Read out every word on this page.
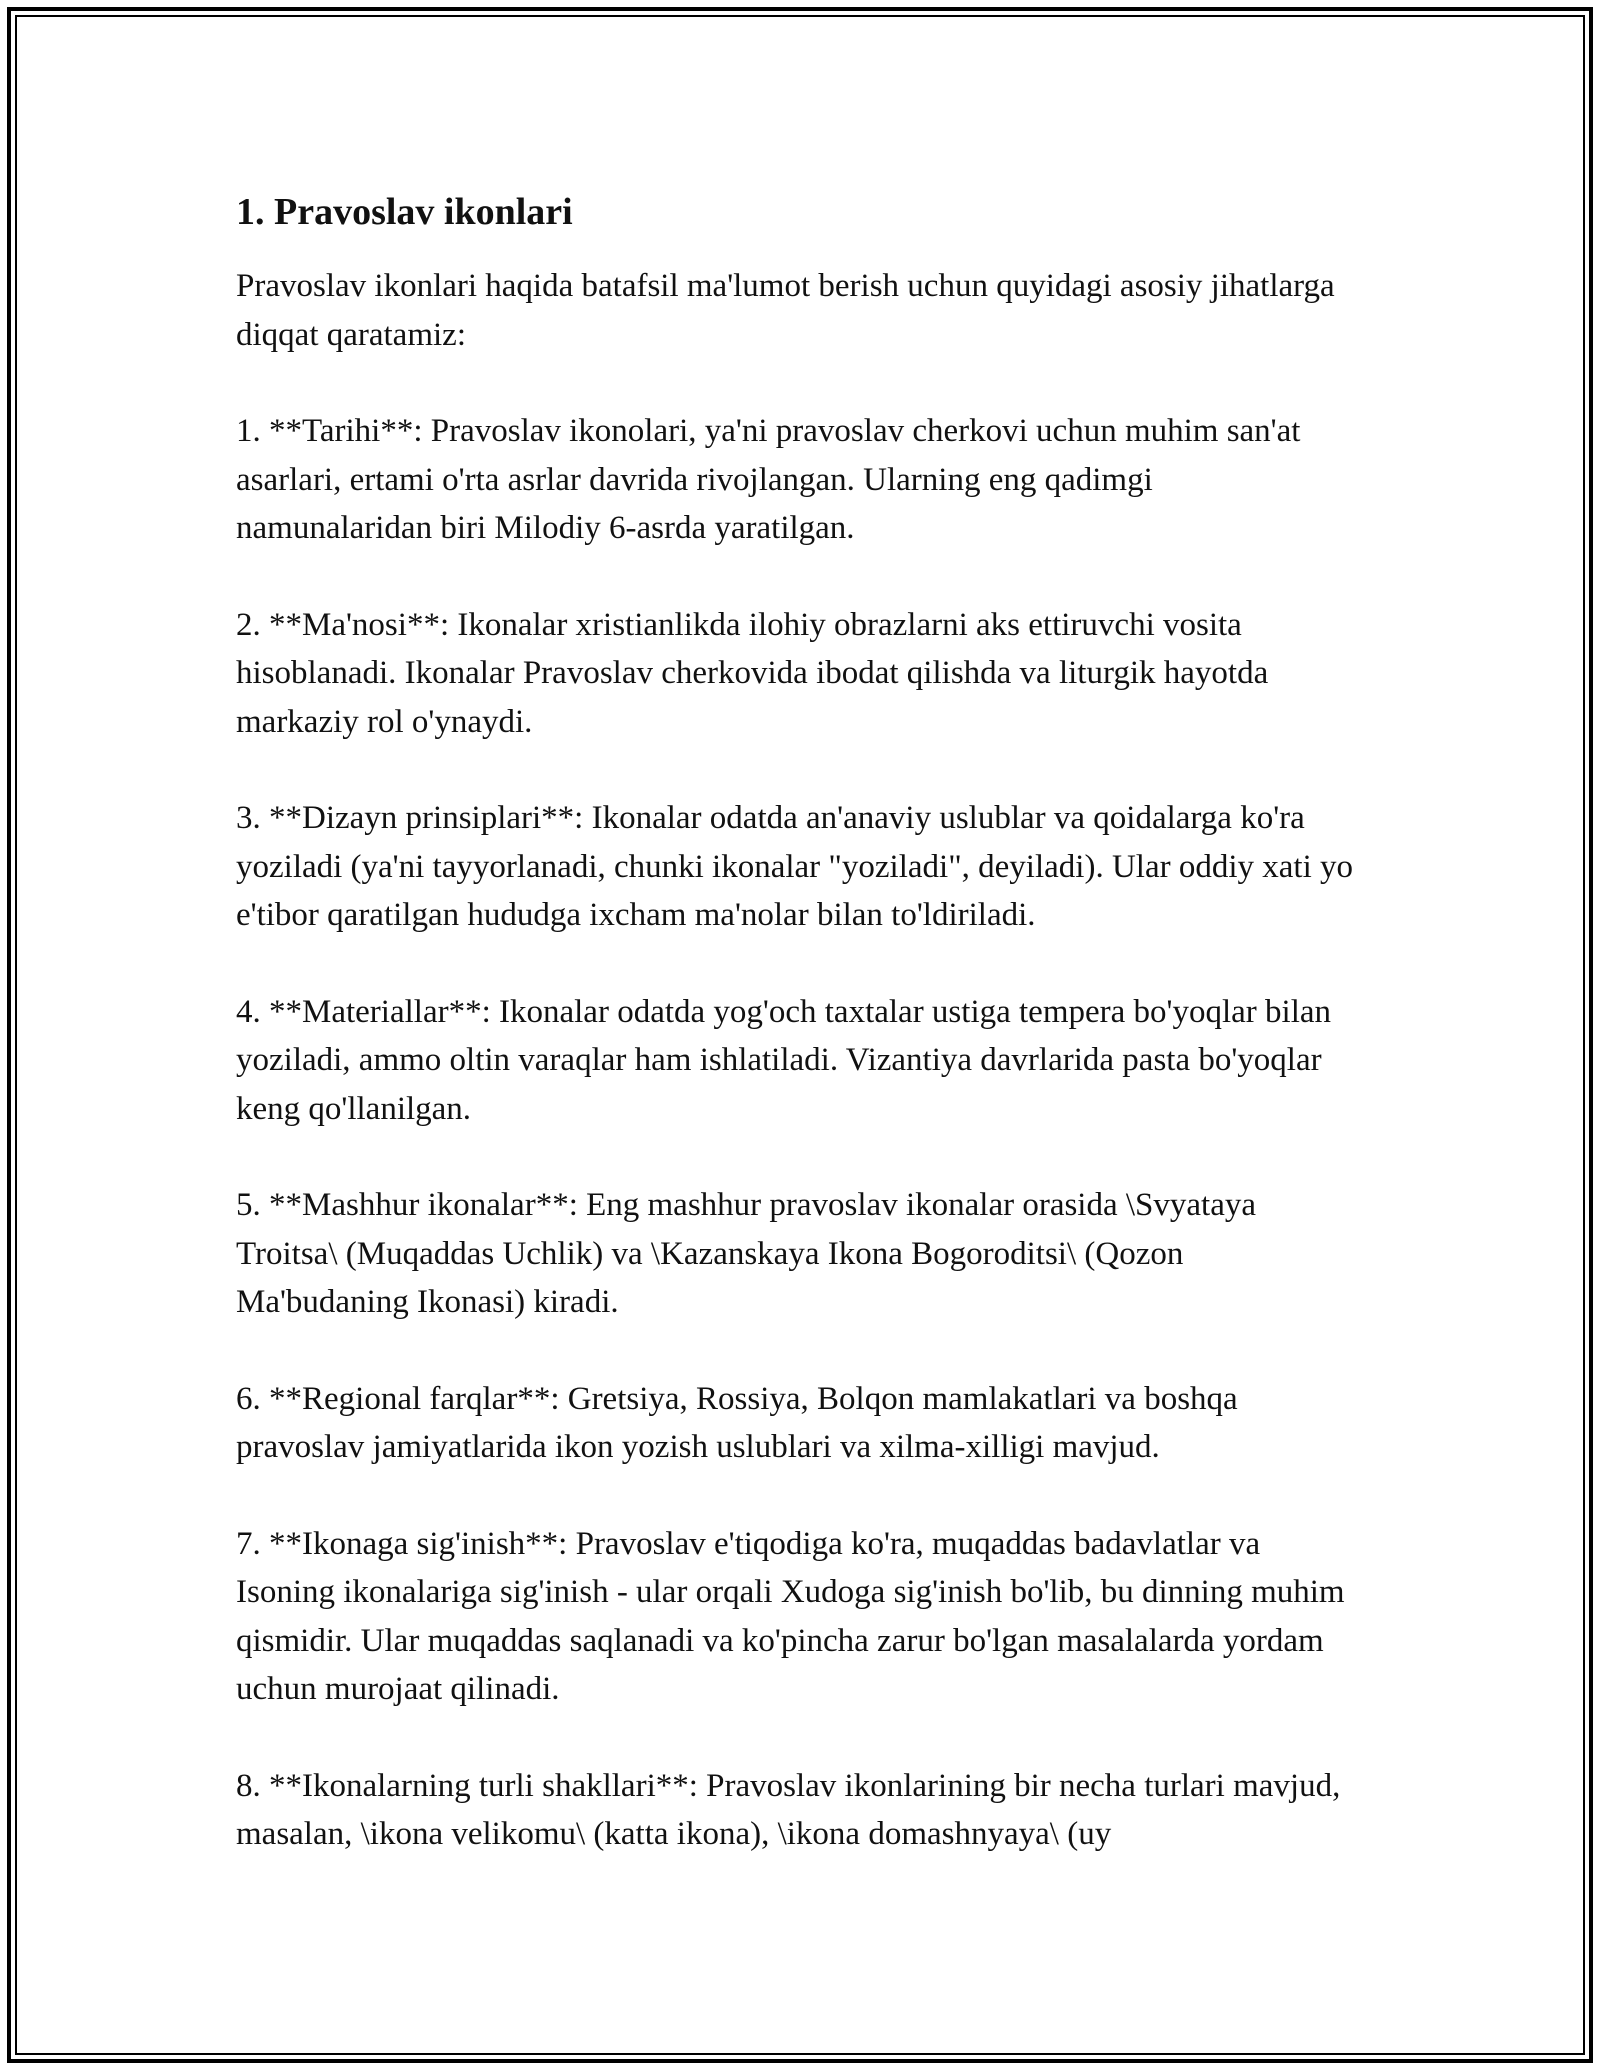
1. Pravoslav ikonlari

Pravoslav ikonlari haqida batafsil ma'lumot berish uchun quyidagi asosiy jihatlarga diqqat qaratamiz:

1. **Tarihi**: Pravoslav ikonolari, ya'ni pravoslav cherkovi uchun muhim san'at asarlari, ertami o'rta asrlar davrida rivojlangan. Ularning eng qadimgi namunalaridan biri Milodiy 6-asrda yaratilgan.

2. **Ma'nosi**: Ikonalar xristianlikda ilohiy obrazlarni aks ettiruvchi vosita hisoblanadi. Ikonalar Pravoslav cherkovida ibodat qilishda va liturgik hayotda markaziy rol o'ynaydi.

3. **Dizayn prinsiplari**: Ikonalar odatda an'anaviy uslublar va qoidalarga ko'ra yoziladi (ya'ni tayyorlanadi, chunki ikonalar "yoziladi", deyiladi). Ular oddiy xati yo e'tibor qaratilgan hududga ixcham ma'nolar bilan to'ldiriladi.

4. **Materiallar**: Ikonalar odatda yog'och taxtalar ustiga tempera bo'yoqlar bilan yoziladi, ammo oltin varaqlar ham ishlatiladi. Vizantiya davrlarida pasta bo'yoqlar keng qo'llanilgan.

5. **Mashhur ikonalar**: Eng mashhur pravoslav ikonalar orasida \Svyataya Troitsa\ (Muqaddas Uchlik) va \Kazanskaya Ikona Bogoroditsi\ (Qozon Ma'budaning Ikonasi) kiradi.

6. **Regional farqlar**: Gretsiya, Rossiya, Bolqon mamlakatlari va boshqa pravoslav jamiyatlarida ikon yozish uslublari va xilma-xilligi mavjud.

7. **Ikonaga sig'inish**: Pravoslav e'tiqodiga ko'ra, muqaddas badavlatlar va Isoning ikonalariga sig'inish - ular orqali Xudoga sig'inish bo'lib, bu dinning muhim qismidir. Ular muqaddas saqlanadi va ko'pincha zarur bo'lgan masalalarda yordam uchun murojaat qilinadi.

8. **Ikonalarning turli shakllari**: Pravoslav ikonlarining bir necha turlari mavjud, masalan, \ikona velikomu\ (katta ikona), \ikona domashnyaya\ (uy
